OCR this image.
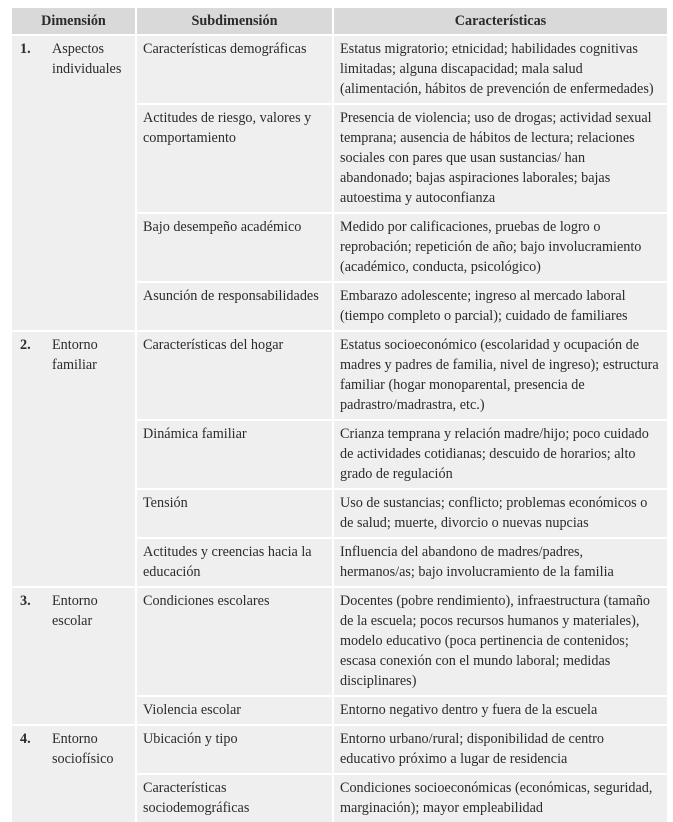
Dimensión	Subdimensión	Características

1. Aspectos individuales	Características demográficas	Estatus migratorio; etnicidad; habilidades cognitivas limitadas; alguna discapacidad; mala salud (alimentación, hábitos de prevención de enfermedades)
	Actitudes de riesgo, valores y comportamiento	Presencia de violencia; uso de drogas; actividad sexual temprana; ausencia de hábitos de lectura; relaciones sociales con pares que usan sustancias/ han abandonado; bajas aspiraciones laborales; bajas autoestima y autoconfianza
	Bajo desempeño académico	Medido por calificaciones, pruebas de logro o reprobación; repetición de año; bajo involucramiento (académico, conducta, psicológico)
	Asunción de responsabilidades	Embarazo adolescente; ingreso al mercado laboral (tiempo completo o parcial); cuidado de familiares

2. Entorno familiar	Características del hogar	Estatus socioeconómico (escolaridad y ocupación de madres y padres de familia, nivel de ingreso); estructura familiar (hogar monoparental, presencia de padrastro/madrastra, etc.)
	Dinámica familiar	Crianza temprana y relación madre/hijo; poco cuidado de actividades cotidianas; descuido de horarios; alto grado de regulación
	Tensión	Uso de sustancias; conflicto; problemas económicos o de salud; muerte, divorcio o nuevas nupcias
	Actitudes y creencias hacia la educación	Influencia del abandono de madres/padres, hermanos/as; bajo involucramiento de la familia

3. Entorno escolar	Condiciones escolares	Docentes (pobre rendimiento), infraestructura (tamaño de la escuela; pocos recursos humanos y materiales), modelo educativo (poca pertinencia de contenidos; escasa conexión con el mundo laboral; medidas disciplinares)
	Violencia escolar	Entorno negativo dentro y fuera de la escuela

4. Entorno sociofísico	Ubicación y tipo	Entorno urbano/rural; disponibilidad de centro educativo próximo a lugar de residencia
	Características sociodemográficas	Condiciones socioeconómicas (económicas, seguridad, marginación); mayor empleabilidad
